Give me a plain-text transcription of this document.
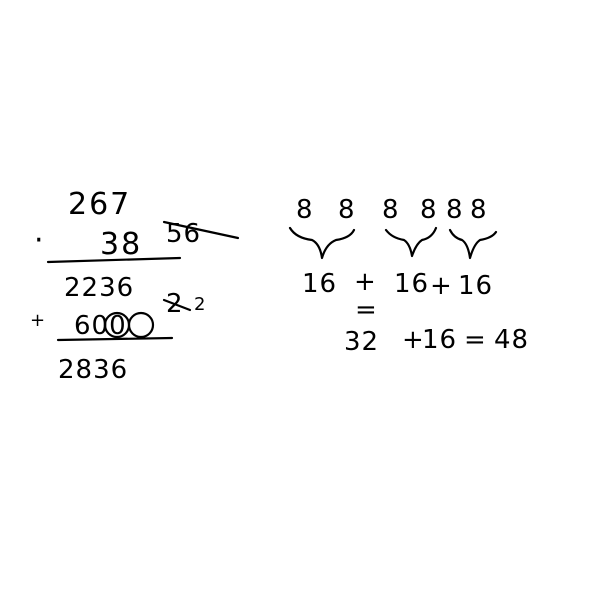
267
· 38 56
2236
2 2
+ 600
2836
8 8 8 8 8 8
16 + 16 + 16
=
32 +
16 = 48
